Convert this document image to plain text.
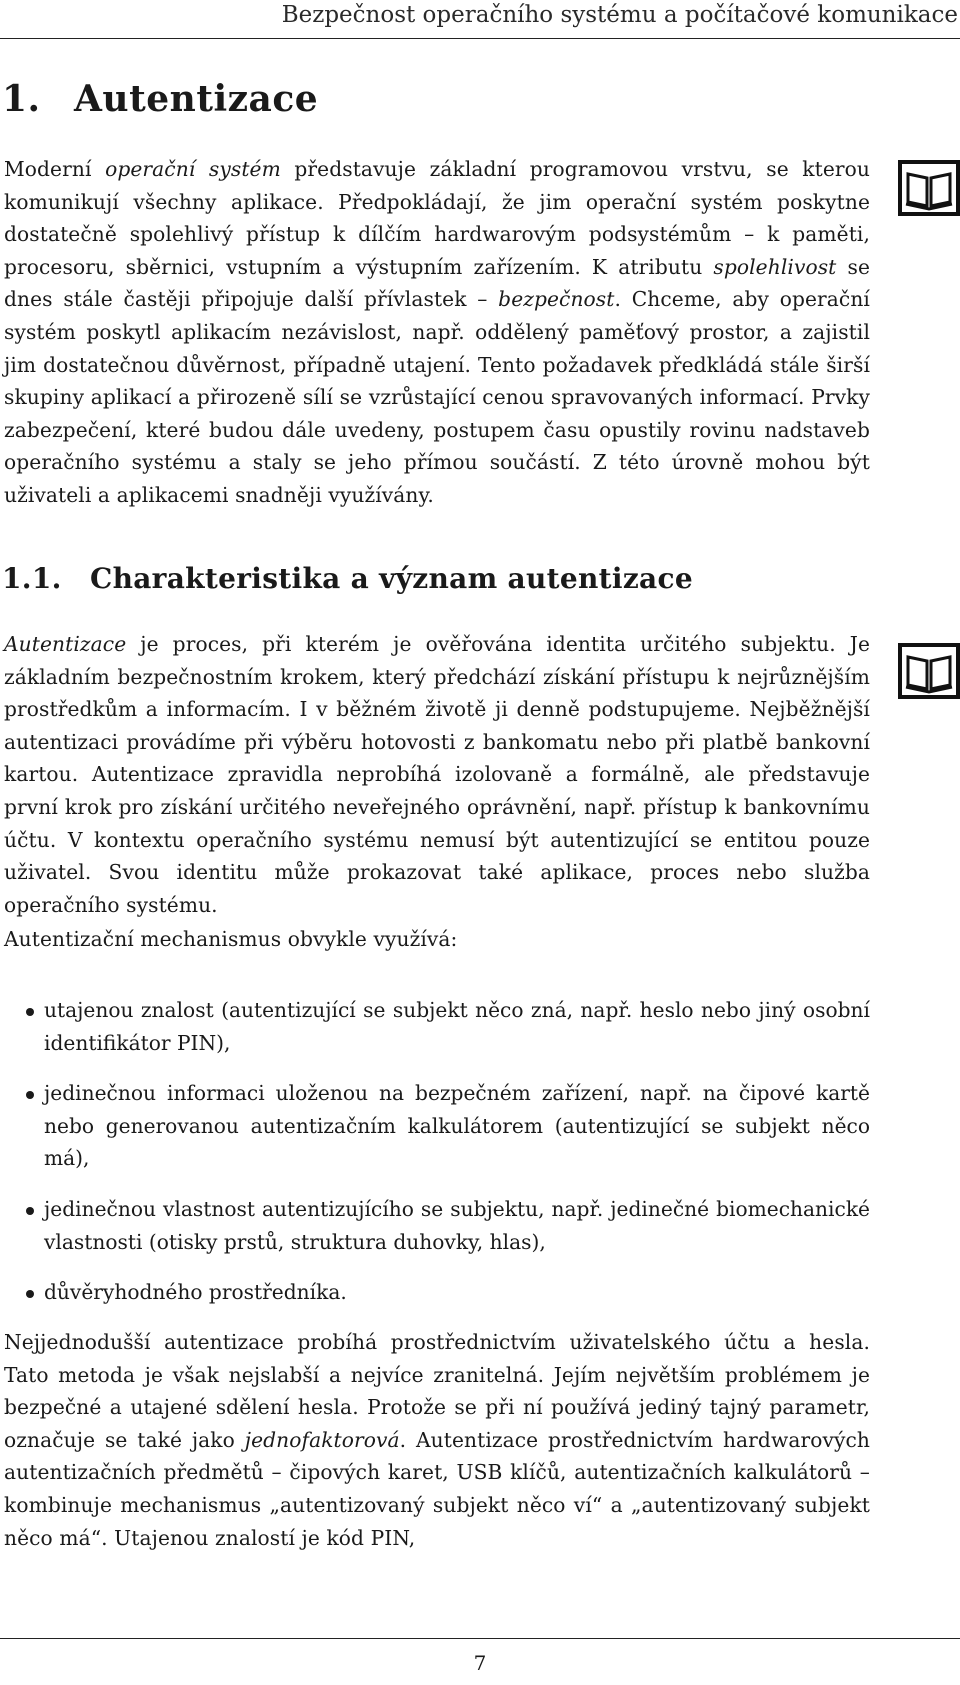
Bezpečnost operačního systému a počítačové komunikace
1. Autentizace
Moderní operační systém představuje základní programovou vrstvu, se kterou komunikují všechny aplikace. Předpokládají, že jim operační systém poskytne dostatečně spolehlivý přístup k dílčím hardwarovým podsystémům – k paměti, procesoru, sběrnici, vstupním a výstupním zařízením. K atributu spolehlivost se dnes stále častěji připojuje další přívlastek – bezpečnost. Chceme, aby operační systém poskytl aplikacím nezávislost, např. oddělený paměťový prostor, a zajistil jim dostatečnou důvěrnost, případně utajení. Tento požadavek předkládá stále širší skupiny aplikací a přirozeně sílí se vzrůstající cenou spravovaných informací. Prvky zabezpečení, které budou dále uvedeny, postupem času opustily rovinu nadstaveb operačního systému a staly se jeho přímou součástí. Z této úrovně mohou být uživateli a aplikacemi snadněji využívány.
1.1. Charakteristika a význam autentizace
Autentizace je proces, při kterém je ověřována identita určitého subjektu. Je základním bezpečnostním krokem, který předchází získání přístupu k nejrůznějším prostředkům a informacím. I v běžném životě ji denně podstupujeme. Nejběžnější autentizaci provádíme při výběru hotovosti z bankomatu nebo při platbě bankovní kartou. Autentizace zpravidla neprobíhá izolovaně a formálně, ale představuje první krok pro získání určitého neveřejného oprávnění, např. přístup k bankovnímu účtu. V kontextu operačního systému nemusí být autentizující se entitou pouze uživatel. Svou identitu může prokazovat také aplikace, proces nebo služba operačního systému.
Autentizační mechanismus obvykle využívá:
utajenou znalost (autentizující se subjekt něco zná, např. heslo nebo jiný osobní identifikátor PIN),
jedinečnou informaci uloženou na bezpečném zařízení, např. na čipové kartě nebo generovanou autentizačním kalkulátorem (autentizující se subjekt něco má),
jedinečnou vlastnost autentizujícího se subjektu, např. jedinečné biomechanické vlastnosti (otisky prstů, struktura duhovky, hlas),
důvěryhodného prostředníka.
Nejjednodušší autentizace probíhá prostřednictvím uživatelského účtu a hesla. Tato metoda je však nejslabší a nejvíce zranitelná. Jejím největším problémem je bezpečné a utajené sdělení hesla. Protože se při ní používá jediný tajný parametr, označuje se také jako jednofaktorová. Autentizace prostřednictvím hardwarových autentizačních předmětů – čipových karet, USB klíčů, autentizačních kalkulátorů – kombinuje mechanismus „autentizovaný subjekt něco ví“ a „autentizovaný subjekt něco má“. Utajenou znalostí je kód PIN,
7
